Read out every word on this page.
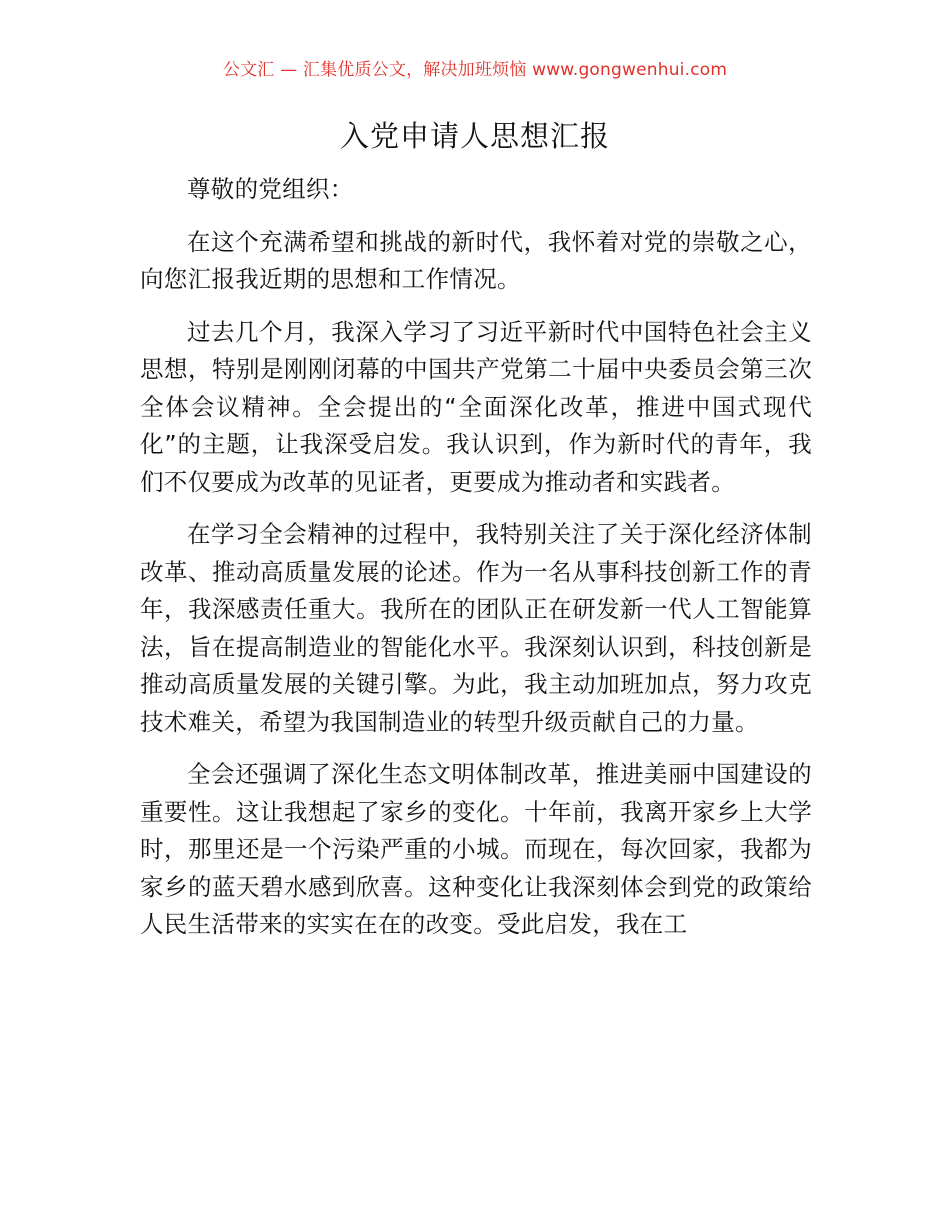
公文汇 — 汇集优质公文，解决加班烦恼 www.gongwenhui.com
入党申请人思想汇报

尊敬的党组织：

在这个充满希望和挑战的新时代，我怀着对党的崇敬之心，向您汇报我近期的思想和工作情况。

过去几个月，我深入学习了习近平新时代中国特色社会主义思想，特别是刚刚闭幕的中国共产党第二十届中央委员会第三次全体会议精神。全会提出的“全面深化改革，推进中国式现代化”的主题，让我深受启发。我认识到，作为新时代的青年，我们不仅要成为改革的见证者，更要成为推动者和实践者。

在学习全会精神的过程中，我特别关注了关于深化经济体制改革、推动高质量发展的论述。作为一名从事科技创新工作的青年，我深感责任重大。我所在的团队正在研发新一代人工智能算法，旨在提高制造业的智能化水平。我深刻认识到，科技创新是推动高质量发展的关键引擎。为此，我主动加班加点，努力攻克技术难关，希望为我国制造业的转型升级贡献自己的力量。

全会还强调了深化生态文明体制改革，推进美丽中国建设的重要性。这让我想起了家乡的变化。十年前，我离开家乡上大学时，那里还是一个污染严重的小城。而现在，每次回家，我都为家乡的蓝天碧水感到欣喜。这种变化让我深刻体会到党的政策给人民生活带来的实实在在的改变。受此启发，我在工
